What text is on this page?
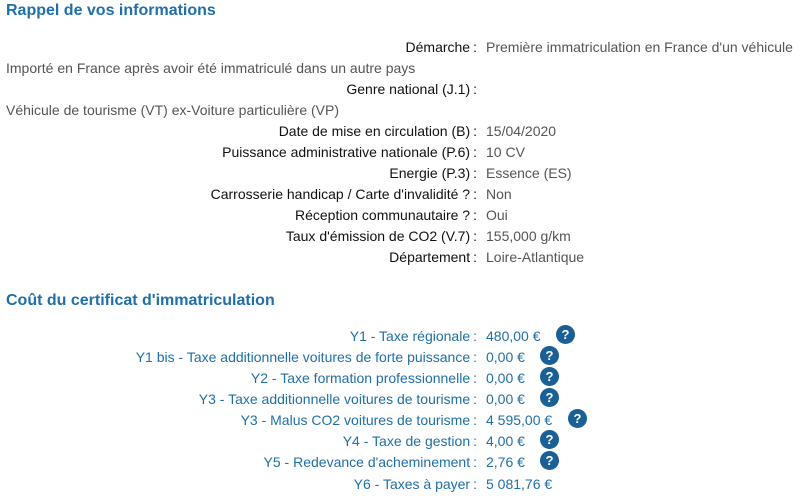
Rappel de vos informations
Démarche : Première immatriculation en France d'un véhicule
Importé en France après avoir été immatriculé dans un autre pays
Genre national (J.1) :
Véhicule de tourisme (VT) ex-Voiture particulière (VP)
Date de mise en circulation (B) : 15/04/2020
Puissance administrative nationale (P.6) : 10 CV
Energie (P.3) : Essence (ES)
Carrosserie handicap / Carte d'invalidité ? : Non
Réception communautaire ? : Oui
Taux d'émission de CO2 (V.7) : 155,000 g/km
Département : Loire-Atlantique
Coût du certificat d'immatriculation
Y1 - Taxe régionale : 480,00 €	?
Y1 bis - Taxe additionnelle voitures de forte puissance : 0,00 €	?
Y2 - Taxe formation professionnelle : 0,00 €	?
Y3 - Taxe additionnelle voitures de tourisme : 0,00 €	?
Y3 - Malus CO2 voitures de tourisme : 4 595,00 €	?
Y4 - Taxe de gestion : 4,00 €	?
Y5 - Redevance d'acheminement : 2,76 €	?
Y6 - Taxes à payer : 5 081,76 €
